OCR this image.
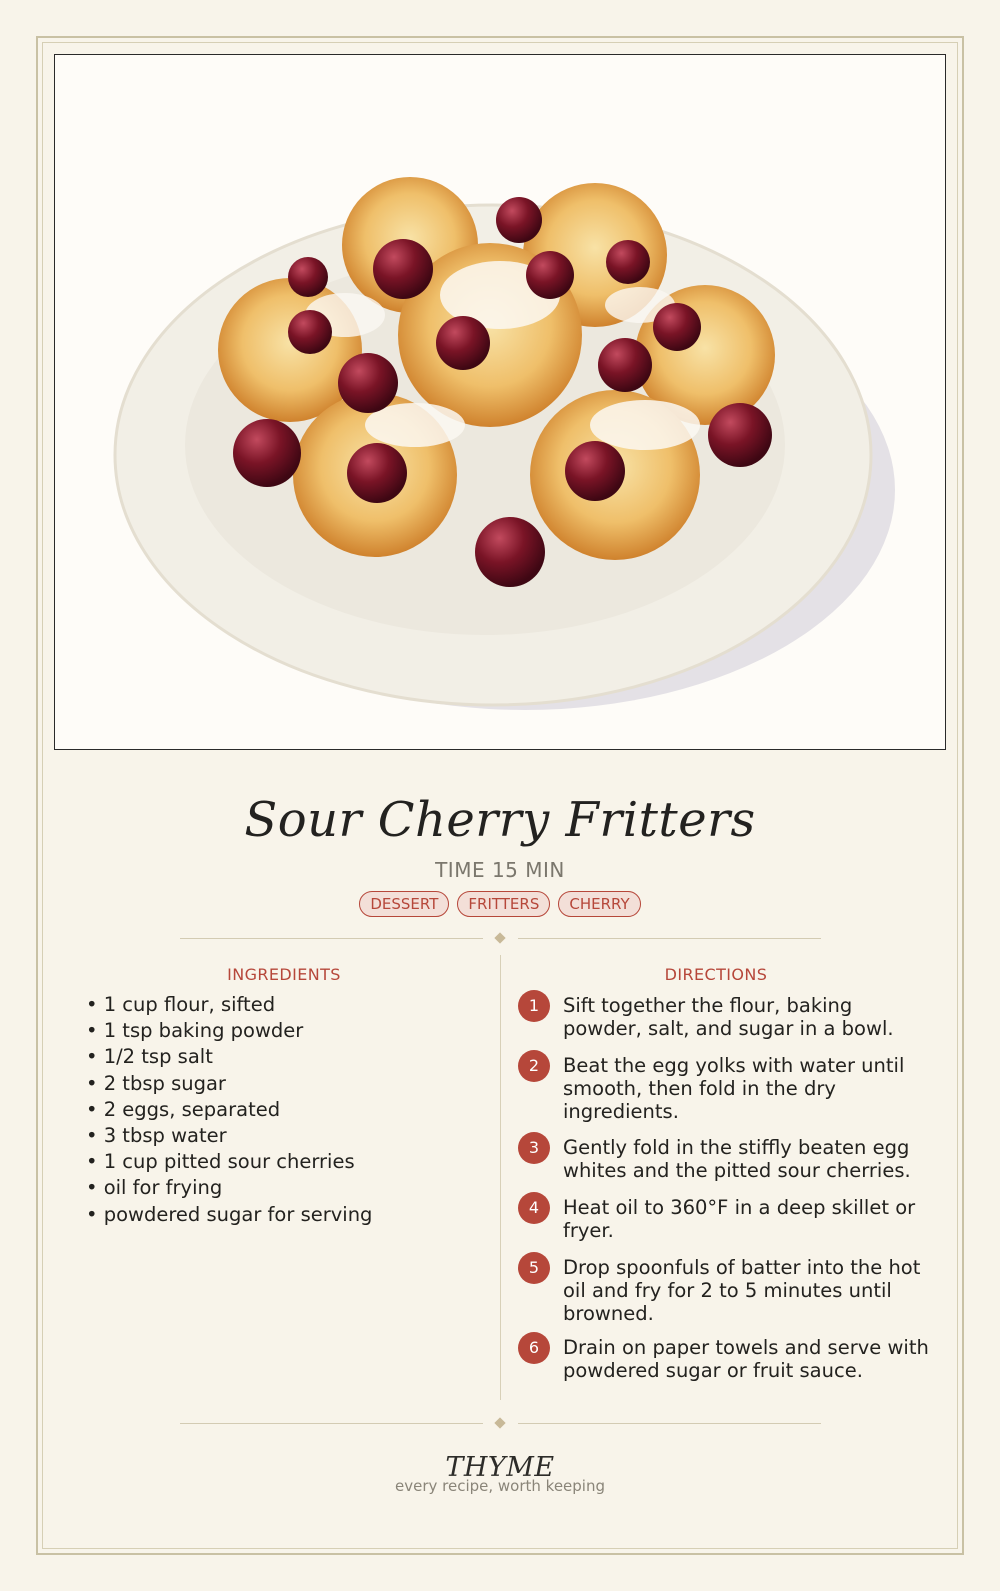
Sour Cherry Fritters
TIME 15 MIN
DESSERT	FRITTERS	CHERRY
INGREDIENTS	DIRECTIONS
• 1 cup flour, sifted
• 1 tsp baking powder
• 1/2 tsp salt
• 2 tbsp sugar
• 2 eggs, separated
• 3 tbsp water
• 1 cup pitted sour cherries
• oil for frying
• powdered sugar for serving
1	Sift together the flour, baking powder, salt, and sugar in a bowl.
2	Beat the egg yolks with water until smooth, then fold in the dry ingredients.
3	Gently fold in the stiffly beaten egg whites and the pitted sour cherries.
4	Heat oil to 360°F in a deep skillet or fryer.
5	Drop spoonfuls of batter into the hot oil and fry for 2 to 5 minutes until browned.
6	Drain on paper towels and serve with powdered sugar or fruit sauce.
THYME
every recipe, worth keeping
